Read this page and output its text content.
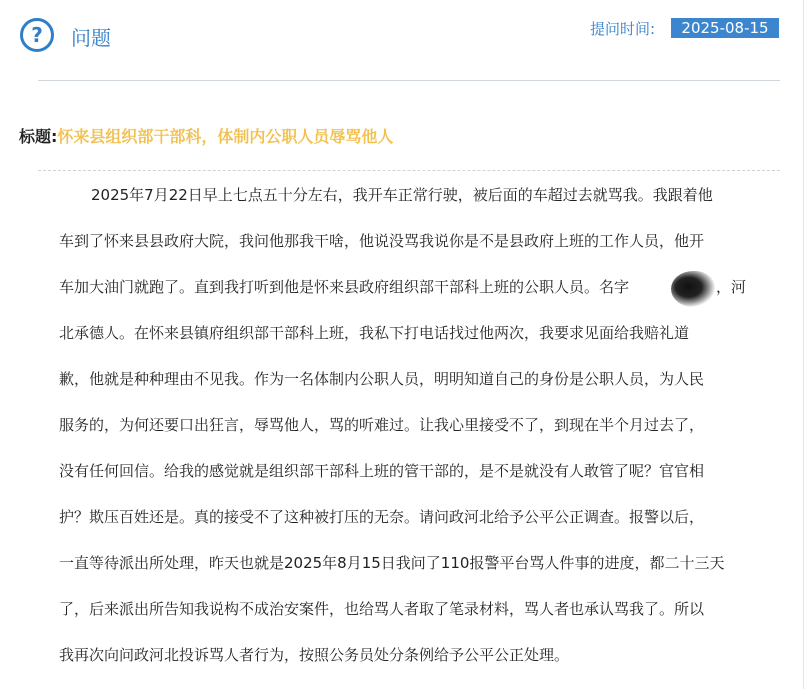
? 问题	提问时间:	2025-08-15
标题:怀来县组织部干部科，体制内公职人员辱骂他人
2025年7月22日早上七点五十分左右，我开车正常行驶，被后面的车超过去就骂我。我跟着他
车到了怀来县县政府大院，我问他那我干啥，他说没骂我说你是不是县政府上班的工作人员，他开
车加大油门就跑了。直到我打听到他是怀来县政府组织部干部科上班的公职人员。名字	，河
北承德人。在怀来县镇府组织部干部科上班，我私下打电话找过他两次，我要求见面给我赔礼道
歉，他就是种种理由不见我。作为一名体制内公职人员，明明知道自己的身份是公职人员，为人民
服务的，为何还要口出狂言，辱骂他人，骂的听难过。让我心里接受不了，到现在半个月过去了，
没有任何回信。给我的感觉就是组织部干部科上班的管干部的，是不是就没有人敢管了呢？官官相
护？欺压百姓还是。真的接受不了这种被打压的无奈。请问政河北给予公平公正调查。报警以后，
一直等待派出所处理，昨天也就是2025年8月15日我问了110报警平台骂人件事的进度，都二十三天
了，后来派出所告知我说构不成治安案件，也给骂人者取了笔录材料，骂人者也承认骂我了。所以
我再次向问政河北投诉骂人者行为，按照公务员处分条例给予公平公正处理。
